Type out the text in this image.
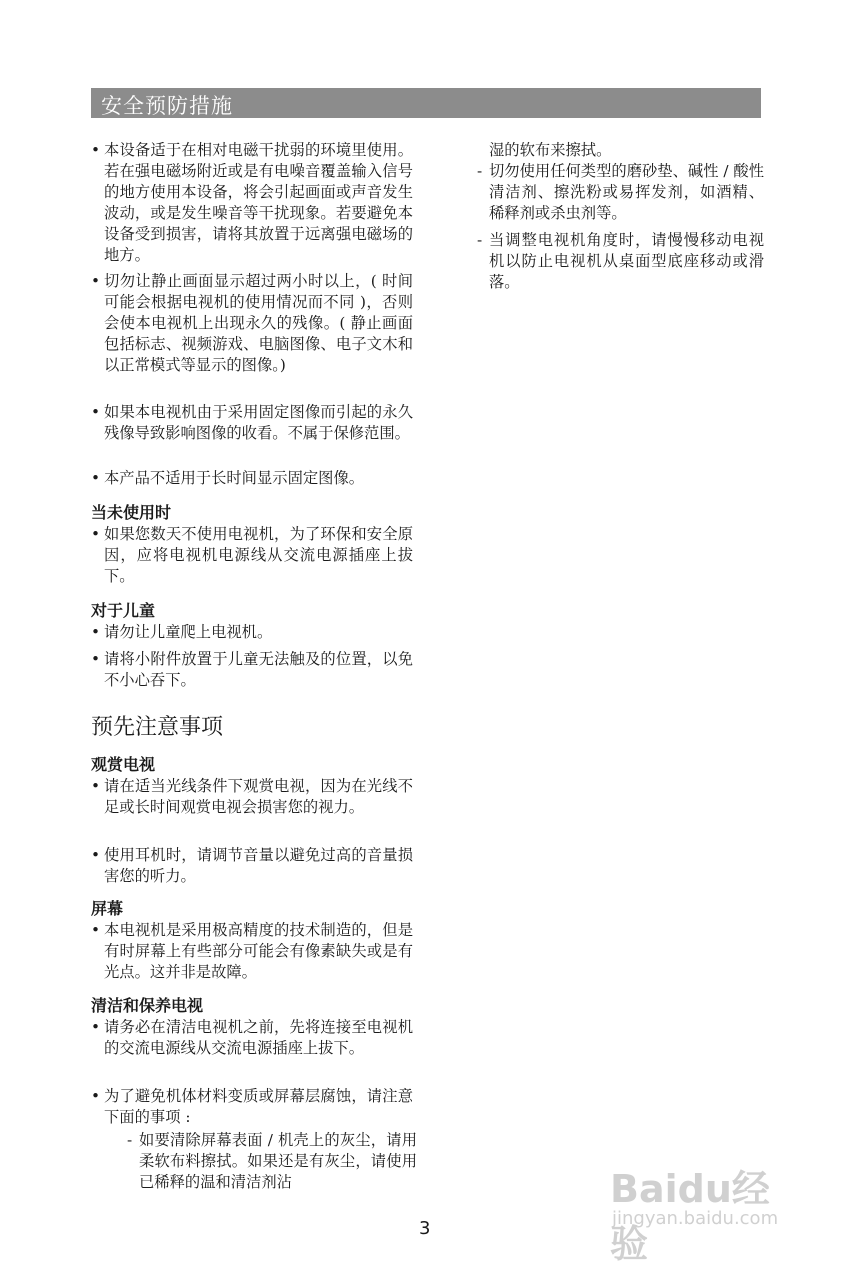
安全预防措施
• 本设备适于在相对电磁干扰弱的环境里使用。若在强电磁场附近或是有电噪音覆盖输入信号的地方使用本设备，将会引起画面或声音发生波动，或是发生噪音等干扰现象。若要避免本设备受到损害，请将其放置于远离强电磁场的地方。
• 切勿让静止画面显示超过两小时以上，( 时间可能会根据电视机的使用情况而不同 )，否则会使本电视机上出现永久的残像。( 静止画面包括标志、视频游戏、电脑图像、电子文木和以正常模式等显示的图像。)
• 如果本电视机由于采用固定图像而引起的永久残像导致影响图像的收看。不属于保修范围。
• 本产品不适用于长时间显示固定图像。
当未使用时
• 如果您数天不使用电视机，为了环保和安全原因，应将电视机电源线从交流电源插座上拔下。
对于儿童
• 请勿让儿童爬上电视机。
• 请将小附件放置于儿童无法触及的位置，以免不小心吞下。
预先注意事项
观赏电视
• 请在适当光线条件下观赏电视，因为在光线不足或长时间观赏电视会损害您的视力。
• 使用耳机时，请调节音量以避免过高的音量损害您的听力。
屏幕
• 本电视机是采用极高精度的技术制造的，但是有时屏幕上有些部分可能会有像素缺失或是有光点。这并非是故障。
清洁和保养电视
• 请务必在清洁电视机之前，先将连接至电视机的交流电源线从交流电源插座上拔下。
• 为了避免机体材料变质或屏幕层腐蚀，请注意下面的事项 :
- 如要清除屏幕表面 / 机壳上的灰尘，请用柔软布料擦拭。如果还是有灰尘，请使用已稀释的温和清洁剂沾
湿的软布来擦拭。
- 切勿使用任何类型的磨砂垫、碱性 / 酸性清洁剂、擦洗粉或易挥发剂，如酒精、稀释剂或杀虫剂等。
- 当调整电视机角度时，请慢慢移动电视机以防止电视机从桌面型底座移动或滑落。
3
Baidu经验
jingyan.baidu.com
